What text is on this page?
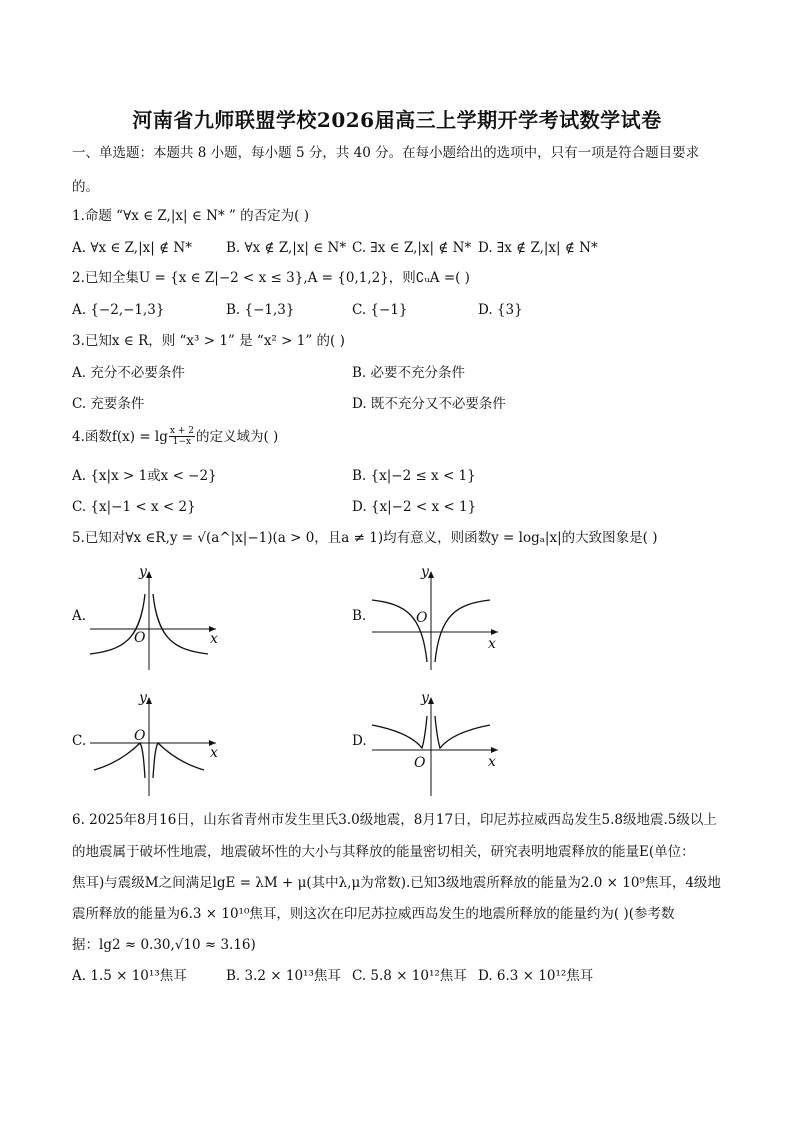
河南省九师联盟学校2026届高三上学期开学考试数学试卷
一、单选题：本题共 8 小题，每小题 5 分，共 40 分。在每小题给出的选项中，只有一项是符合题目要求
的。
1.命题 “∀x ∈ Z,|x| ∈ N* ” 的否定为( )
A. ∀x ∈ Z,|x| ∉ N*	B. ∀x ∉ Z,|x| ∈ N* C. ∃x ∈ Z,|x| ∉ N* D. ∃x ∉ Z,|x| ∉ N*
2.已知全集U = {x ∈ Z|−2 < x ≤ 3},A = {0,1,2}，则∁ᵤA =( )
A. {−2,−1,3}	B. {−1,3}	C. {−1}	D. {3}
3.已知x ∈ R，则 “x³ > 1” 是 “x² > 1” 的( )
A. 充分不必要条件	B. 必要不充分条件
C. 充要条件	D. 既不充分又不必要条件
4.函数$f(x) = \lg \frac{x + 2}{1-x}$ 的定义域为( )
A. {x|x > 1或x < −2}	B. {x|−2 ≤ x < 1}
C. {x|−1 < x < 2}	D. {x|−2 < x < 1}
5.已知对∀x ∈R,y = √(a^|x|−1)(a > 0，且a ≠ 1)均有意义，则函数y = logₐ|x|的大致图象是( )
A.	B.
C.	D.
x
y
O	x
y
O
x
y
O
x
y
O
6. 2025年8月16日，山东省青州市发生里氏3.0级地震，8月17日，印尼苏拉威西岛发生5.8级地震.5级以上
的地震属于破坏性地震，地震破坏性的大小与其释放的能量密切相关，研究表明地震释放的能量E(单位：
焦耳)与震级M之间满足lgE = λM + μ(其中λ,μ为常数).已知3级地震所释放的能量为2.0 × 10⁹焦耳，4级地
震所释放的能量为6.3 × 10¹⁰焦耳，则这次在印尼苏拉威西岛发生的地震所释放的能量约为( )(参考数
据：lg2 ≈ 0.30,√10 ≈ 3.16)
A. 1.5 × 10¹³焦耳	B. 3.2 × 10¹³焦耳 C. 5.8 × 10¹²焦耳 D. 6.3 × 10¹²焦耳
